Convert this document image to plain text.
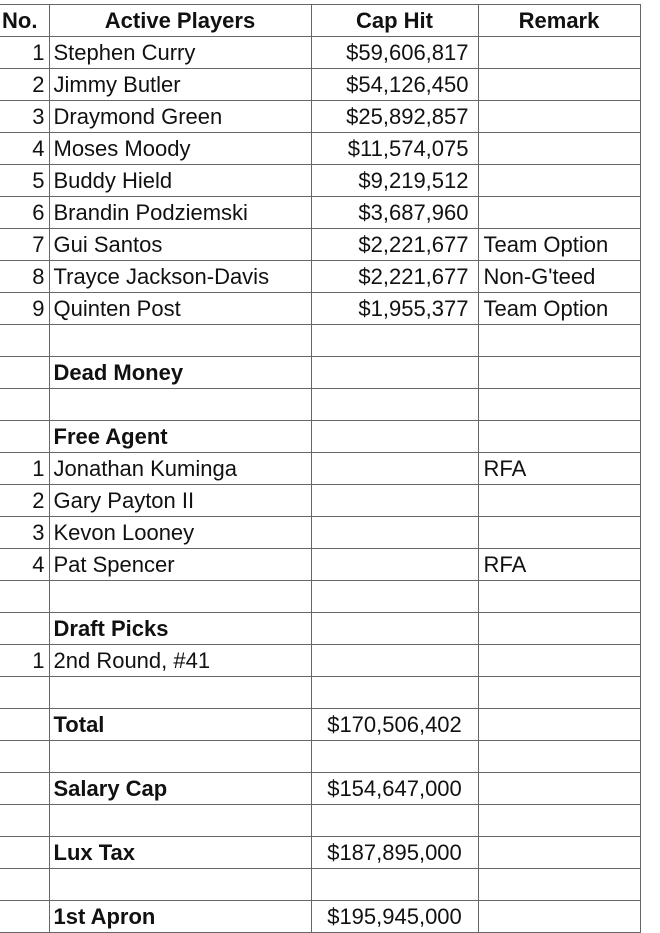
No.	Active Players	Cap Hit	Remark
1	Stephen Curry	$59,606,817	
2	Jimmy Butler	$54,126,450	
3	Draymond Green	$25,892,857	
4	Moses Moody	$11,574,075	
5	Buddy Hield	$9,219,512	
6	Brandin Podziemski	$3,687,960	
7	Gui Santos	$2,221,677	Team Option
8	Trayce Jackson-Davis	$2,221,677	Non-G'teed
9	Quinten Post	$1,955,377	Team Option

	Dead Money		

	Free Agent		
1	Jonathan Kuminga		RFA
2	Gary Payton II		
3	Kevon Looney		
4	Pat Spencer		RFA

	Draft Picks		
1	2nd Round, #41		

	Total	$170,506,402	

	Salary Cap	$154,647,000	

	Lux Tax	$187,895,000	

	1st Apron	$195,945,000	
